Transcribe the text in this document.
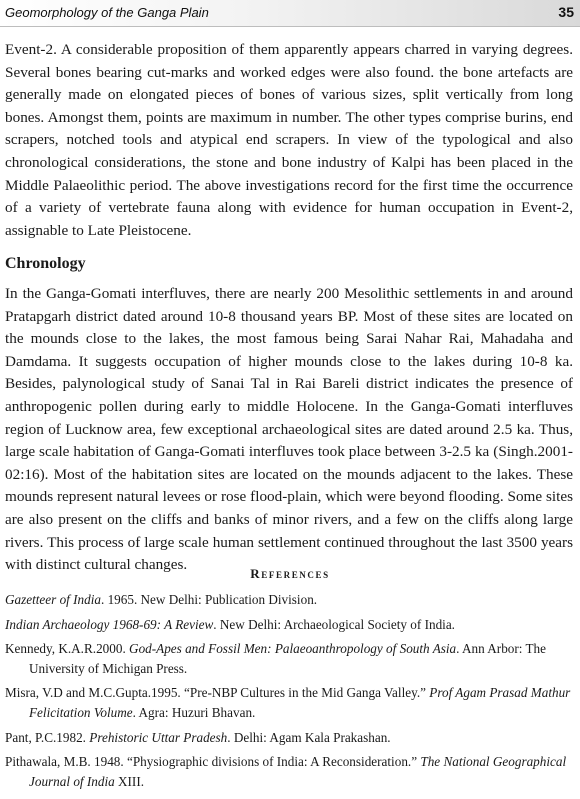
Geomorphology of the Ganga Plain	35

Event-2. A considerable proposition of them apparently appears charred in varying degrees. Several bones bearing cut-marks and worked edges were also found. the bone artefacts are generally made on elongated pieces of bones of various sizes, split vertically from long bones. Amongst them, points are maximum in number. The other types comprise burins, end scrapers, notched tools and atypical end scrapers. In view of the typological and also chronological considerations, the stone and bone industry of Kalpi has been placed in the Middle Palaeolithic period. The above investigations record for the first time the occurrence of a variety of vertebrate fauna along with evidence for human occupation in Event-2, assignable to Late Pleistocene.

Chronology

In the Ganga-Gomati interfluves, there are nearly 200 Mesolithic settlements in and around Pratapgarh district dated around 10-8 thousand years BP. Most of these sites are located on the mounds close to the lakes, the most famous being Sarai Nahar Rai, Mahadaha and Damdama. It suggests occupation of higher mounds close to the lakes during 10-8 ka. Besides, palynological study of Sanai Tal in Rai Bareli district indicates the presence of anthropogenic pollen during early to middle Holocene. In the Ganga-Gomati interfluves region of Lucknow area, few exceptional archaeological sites are dated around 2.5 ka. Thus, large scale habitation of Ganga-Gomati interfluves took place between 3-2.5 ka (Singh.2001-02:16). Most of the habitation sites are located on the mounds adjacent to the lakes. These mounds represent natural levees or rose flood-plain, which were beyond flooding. Some sites are also present on the cliffs and banks of minor rivers, and a few on the cliffs along large rivers. This process of large scale human settlement continued throughout the last 3500 years with distinct cultural changes.

References
Gazetteer of India. 1965. New Delhi: Publication Division.
Indian Archaeology 1968-69: A Review. New Delhi: Archaeological Society of India.
Kennedy, K.A.R.2000. God-Apes and Fossil Men: Palaeoanthropology of South Asia. Ann Arbor: The University of Michigan Press.
Misra, V.D and M.C.Gupta.1995. “Pre-NBP Cultures in the Mid Ganga Valley.” Prof Agam Prasad Mathur Felicitation Volume. Agra: Huzuri Bhavan.
Pant, P.C.1982. Prehistoric Uttar Pradesh. Delhi: Agam Kala Prakashan.
Pithawala, M.B. 1948. “Physiographic divisions of India: A Reconsideration.” The National Geographical Journal of India XIII.
